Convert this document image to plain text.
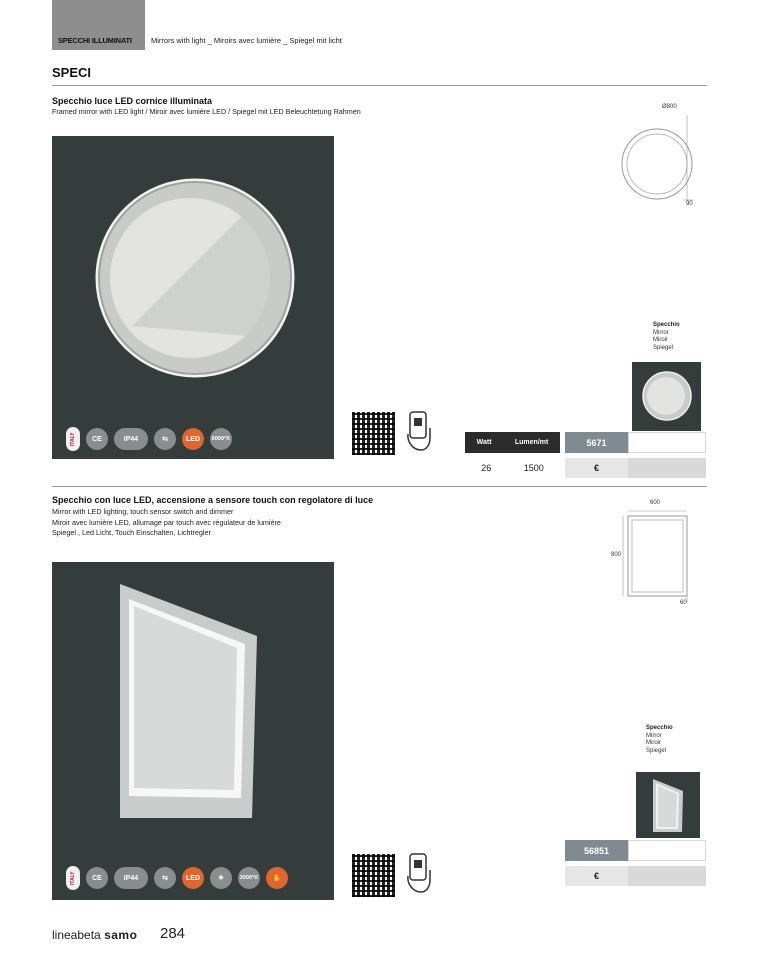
SPECCHI ILLUMINATI	Mirrors with light _ Miroirs avec lumière _ Spiegel mit licht
SPECI
Specchio luce LED cornice illuminata
Framed mirror with LED light / Miroir avec lumière LED / Spiegel mit LED Beleuchtetung Rahmen
ITALY	CE	IP44	⇆	LED	6000°K
Ø800
90
Specchio
Mirror
Miroir
Spiegel
Watt	Lumen/mt
26	1500
5671
€
Specchio con luce LED, accensione a sensore touch con regolatore di luce
Mirror with LED lighting, touch sensor switch and dimmer
Miroir avec lumière LED, allumage par touch avec régulateur de lumière
Spiegel , Led Licht, Touch Einschalten, Lichtregler
ITALY	CE	IP44	⇆	LED	☀	3000°K	✋
600
800
60
Specchio
Mirror
Miroir
Spiegel
56851
€
lineabeta samo 284
